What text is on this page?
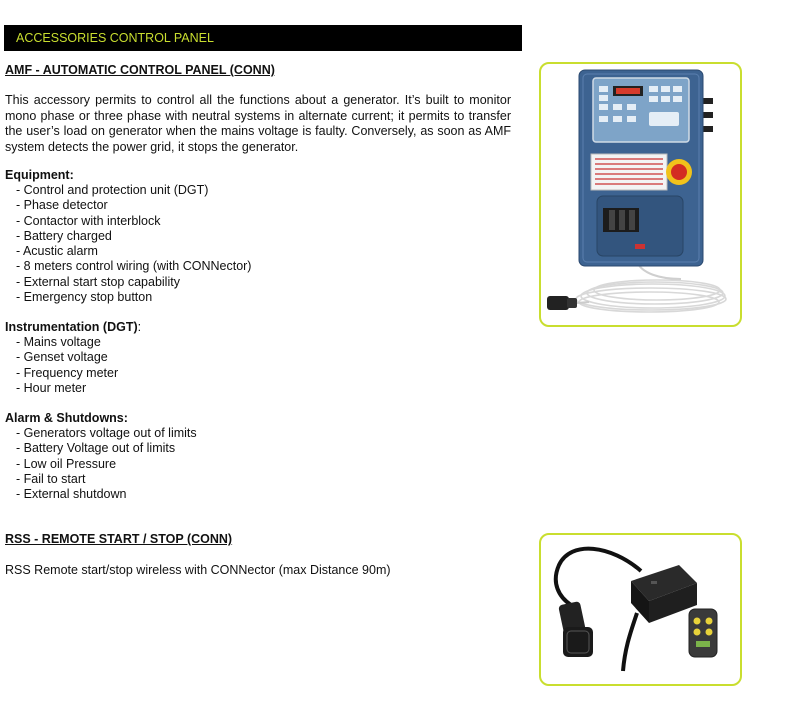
ACCESSORIES CONTROL PANEL
AMF - AUTOMATIC CONTROL PANEL (CONN)

This accessory permits to control all the functions about a generator. It’s built to monitor mono phase or three phase with neutral systems in alternate current; it permits to transfer the user’s load on generator when the mains voltage is faulty. Conversely, as soon as AMF system detects the power grid, it stops the generator.

Equipment:
- Control and protection unit (DGT)
- Phase detector
- Contactor with interblock
- Battery charged
- Acustic alarm
- 8 meters control wiring (with CONNector)
- External start stop capability
- Emergency stop button
Instrumentation (DGT):
- Mains voltage
- Genset voltage
- Frequency meter
- Hour meter
Alarm & Shutdowns:
- Generators voltage out of limits
- Battery Voltage out of limits
- Low oil Pressure
- Fail to start
- External shutdown
RSS - REMOTE START / STOP (CONN)

RSS Remote start/stop wireless with CONNector (max Distance 90m)
